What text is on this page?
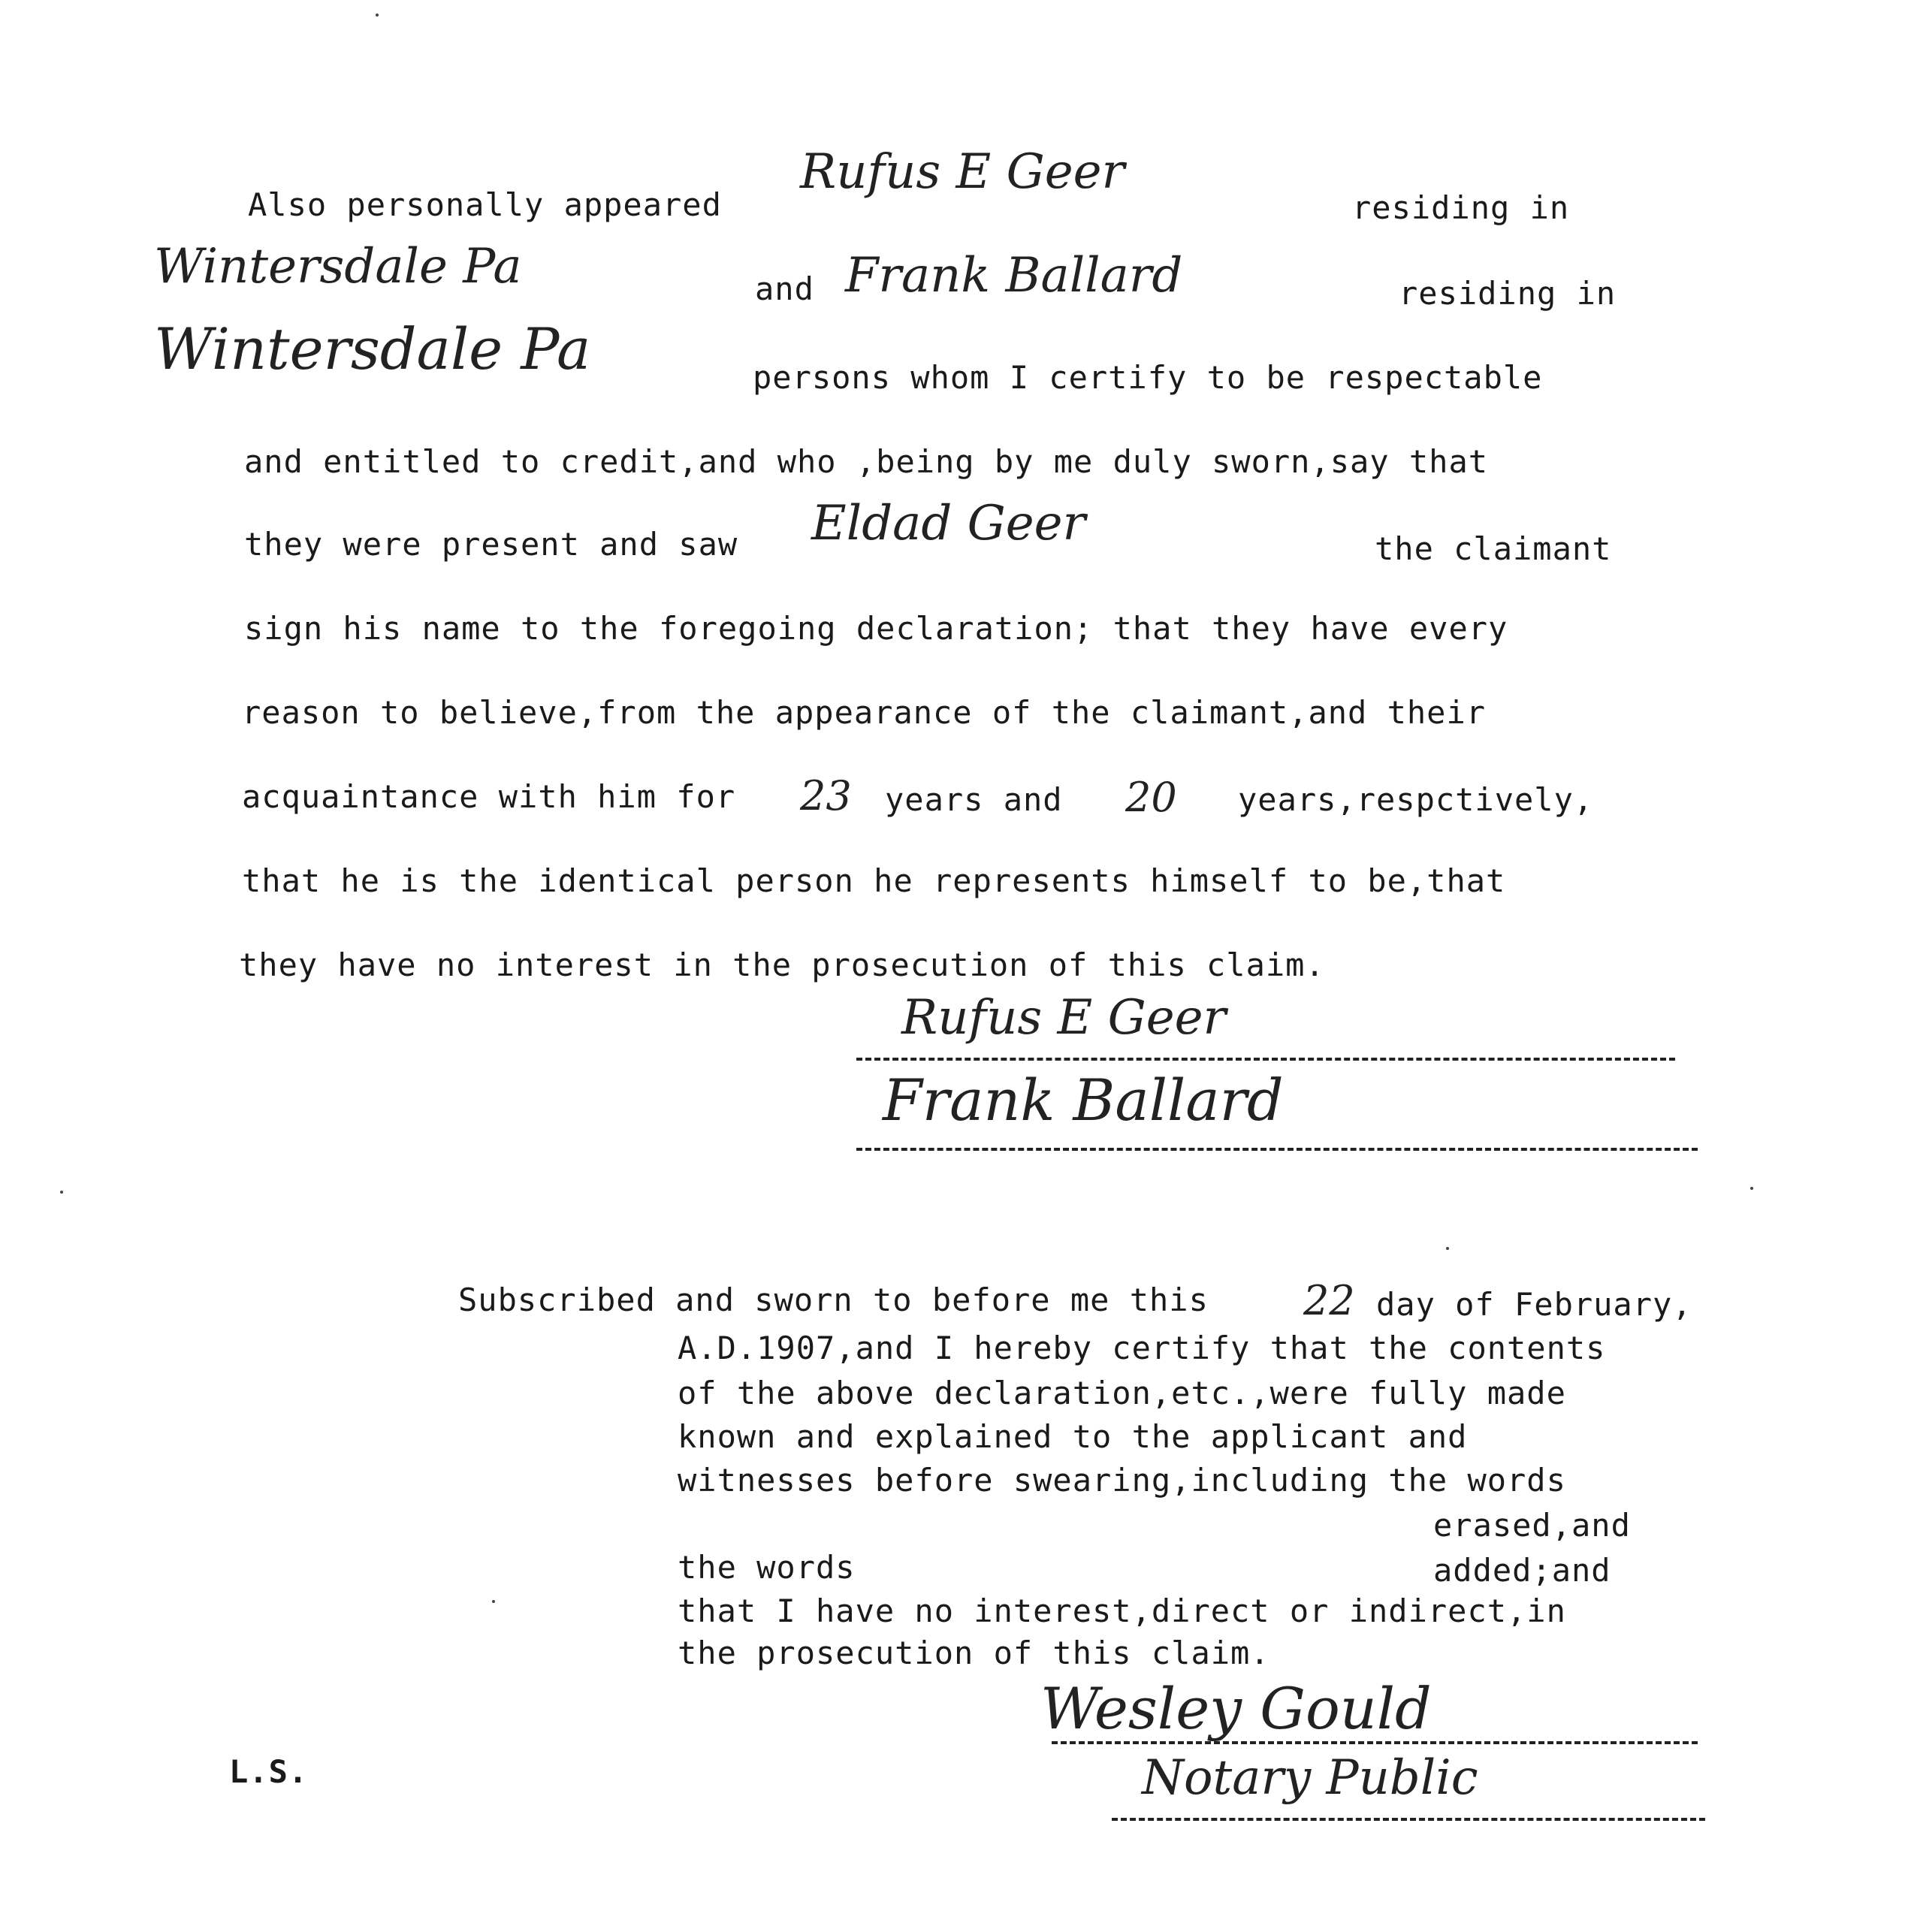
Also personally appeared
Rufus E Geer
residing in
Wintersdale Pa	and Frank Ballard	residing in
Wintersdale Pa	persons whom I certify to be respectable
and entitled to credit,and who ,being by me duly sworn,say that
they were present and saw Eldad Geer	the claimant
sign his name to the foregoing declaration; that they have every
reason to believe,from the appearance of the claimant,and their
acquaintance with him for 23 years and 20 years,respctively,
that he is the identical person he represents himself to be,that
they have no interest in the prosecution of this claim.
Rufus E Geer
Frank Ballard
Subscribed and sworn to before me this 22 day of February,
A.D.1907,and I hereby certify that the contents
of the above declaration,etc.,were fully made
known and explained to the applicant and
witnesses before swearing,including the words
erased,and
the words	added;and
that I have no interest,direct or indirect,in
the prosecution of this claim.
Wesley Gould
Notary Public
L.S.
